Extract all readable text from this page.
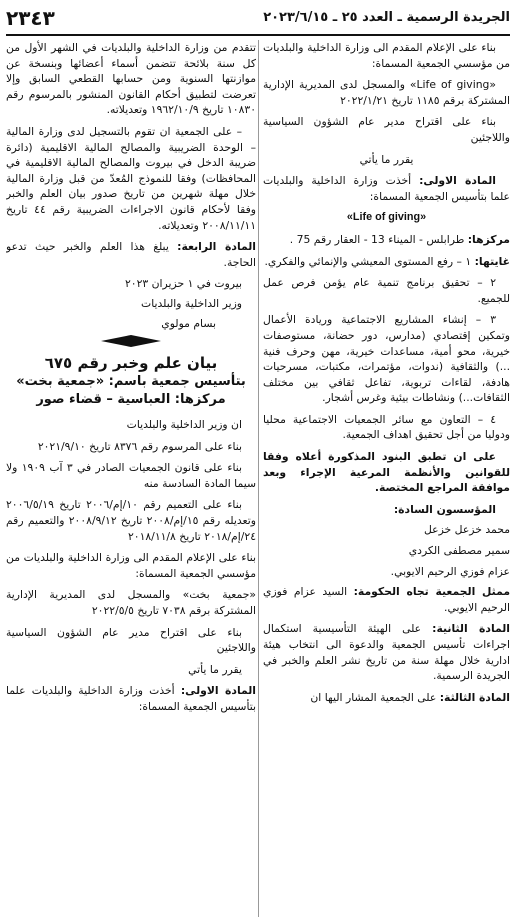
الجريدة الرسمية ـ العدد ٢٥ ـ ٢٠٢٣/٦/١٥
٢٣٤٣

بناء على الإعلام المقدم الى وزارة الداخلية والبلديات من مؤسسي الجمعية المسماة:

«Life of giving» والمسجل لدى المديرية الإدارية المشتركة برقم ١١٨٥ تاريخ ٢٠٢٢/١/٢١

بناء على اقتراح مدير عام الشؤون السياسية واللاجئين

يقرر ما يأتي

المادة الاولى: أخذت وزارة الداخلية والبلديات علما بتأسيس الجمعية المسماة:

«Life of giving»

مركزها: طرابلس - الميناء 13 - العقار رقم 75 .

غايتها: ١ – رفع المستوى المعيشي والإنمائي والفكري.

٢ – تحقيق برنامج تنمية عام يؤمن فرص عمل للجميع.

٣ – إنشاء المشاريع الاجتماعية وريادة الأعمال وتمكين إقتصادي (مدارس، دور حضانة، مستوصفات خيرية، محو أمية، مساعدات خيرية، مهن وحرف فنية ...) والثقافية (ندوات، مؤتمرات، مكتبات، مسرحيات هادفة، لقاءات تربوية، تفاعل ثقافي بين مختلف الثقافات...) ونشاطات بيئية وغرس أشجار.

٤ – التعاون مع سائر الجمعيات الاجتماعية محليا ودوليا من أجل تحقيق اهداف الجمعية.

على ان تطبق البنود المذكورة أعلاه وفقا للقوانين والأنظمة المرعية الإجراء وبعد موافقة المراجع المختصة.

المؤسسون السادة:

محمد خزعل خزعل

سمير مصطفى الكردي

عزام فوزي الرحيم الايوبي.

ممثل الجمعية تجاه الحكومة: السيد عزام فوزي الرحيم الايوبي.

المادة الثانية: على الهيئة التأسيسية استكمال اجراءات تأسيس الجمعية والدعوة الى انتخاب هيئة ادارية خلال مهلة سنة من تاريخ نشر العلم والخبر في الجريدة الرسمية.

المادة الثالثة: على الجمعية المشار اليها ان

تتقدم من وزارة الداخلية والبلديات في الشهر الأول من كل سنة بلائحة تتضمن أسماء أعضائها وبنسخة عن موازنتها السنوية ومن حسابها القطعي السابق وإلا تعرضت لتطبيق أحكام القانون المنشور بالمرسوم رقم ١٠٨٣٠ تاريخ ١٩٦٢/١٠/٩ وتعديلاته.

– على الجمعية ان تقوم بالتسجيل لدى وزارة المالية – الوحدة الضريبية والمصالح المالية الاقليمية (دائرة ضريبة الدخل في بيروت والمصالح المالية الاقليمية في المحافظات) وفقا للنموذج المُعدّ من قبل وزارة المالية خلال مهلة شهرين من تاريخ صدور بيان العلم والخبر وفقا لأحكام قانون الاجراءات الضريبية رقم ٤٤ تاريخ ٢٠٠٨/١١/١١ وتعديلاته.

المادة الرابعة: يبلغ هذا العلم والخبر حيث تدعو الحاجة.

بيروت في ١ حزيران ٢٠٢٣

وزير الداخلية والبلديات

بسام مولوي

بيان علم وخبر رقم ٦٧٥
بتأسيس جمعية باسم: «جمعية بخت»
مركزها: العباسية – قضاء صور

ان وزير الداخلية والبلديات

بناء على المرسوم رقم ٨٣٧٦ تاريخ ٢٠٢١/٩/١٠

بناء على قانون الجمعيات الصادر في ٣ آب ١٩٠٩ ولا سيما المادة السادسة منه

بناء على التعميم رقم ١٠/إم/٢٠٠٦ تاريخ ٢٠٠٦/٥/١٩ وتعديله رقم ١٥/إم/٢٠٠٨ تاريخ ٢٠٠٨/٩/١٢ والتعميم رقم ٢٤/إم/٢٠١٨ تاريخ ٢٠١٨/١١/٨

بناء على الإعلام المقدم الى وزارة الداخلية والبلديات من مؤسسي الجمعية المسماة:

«جمعية بخت» والمسجل لدى المديرية الإدارية المشتركة برقم ٧٠٣٨ تاريخ ٢٠٢٢/٥/٥

بناء على اقتراح مدير عام الشؤون السياسية واللاجئين

يقرر ما يأتي

المادة الاولى: أخذت وزارة الداخلية والبلديات علما بتأسيس الجمعية المسماة:
